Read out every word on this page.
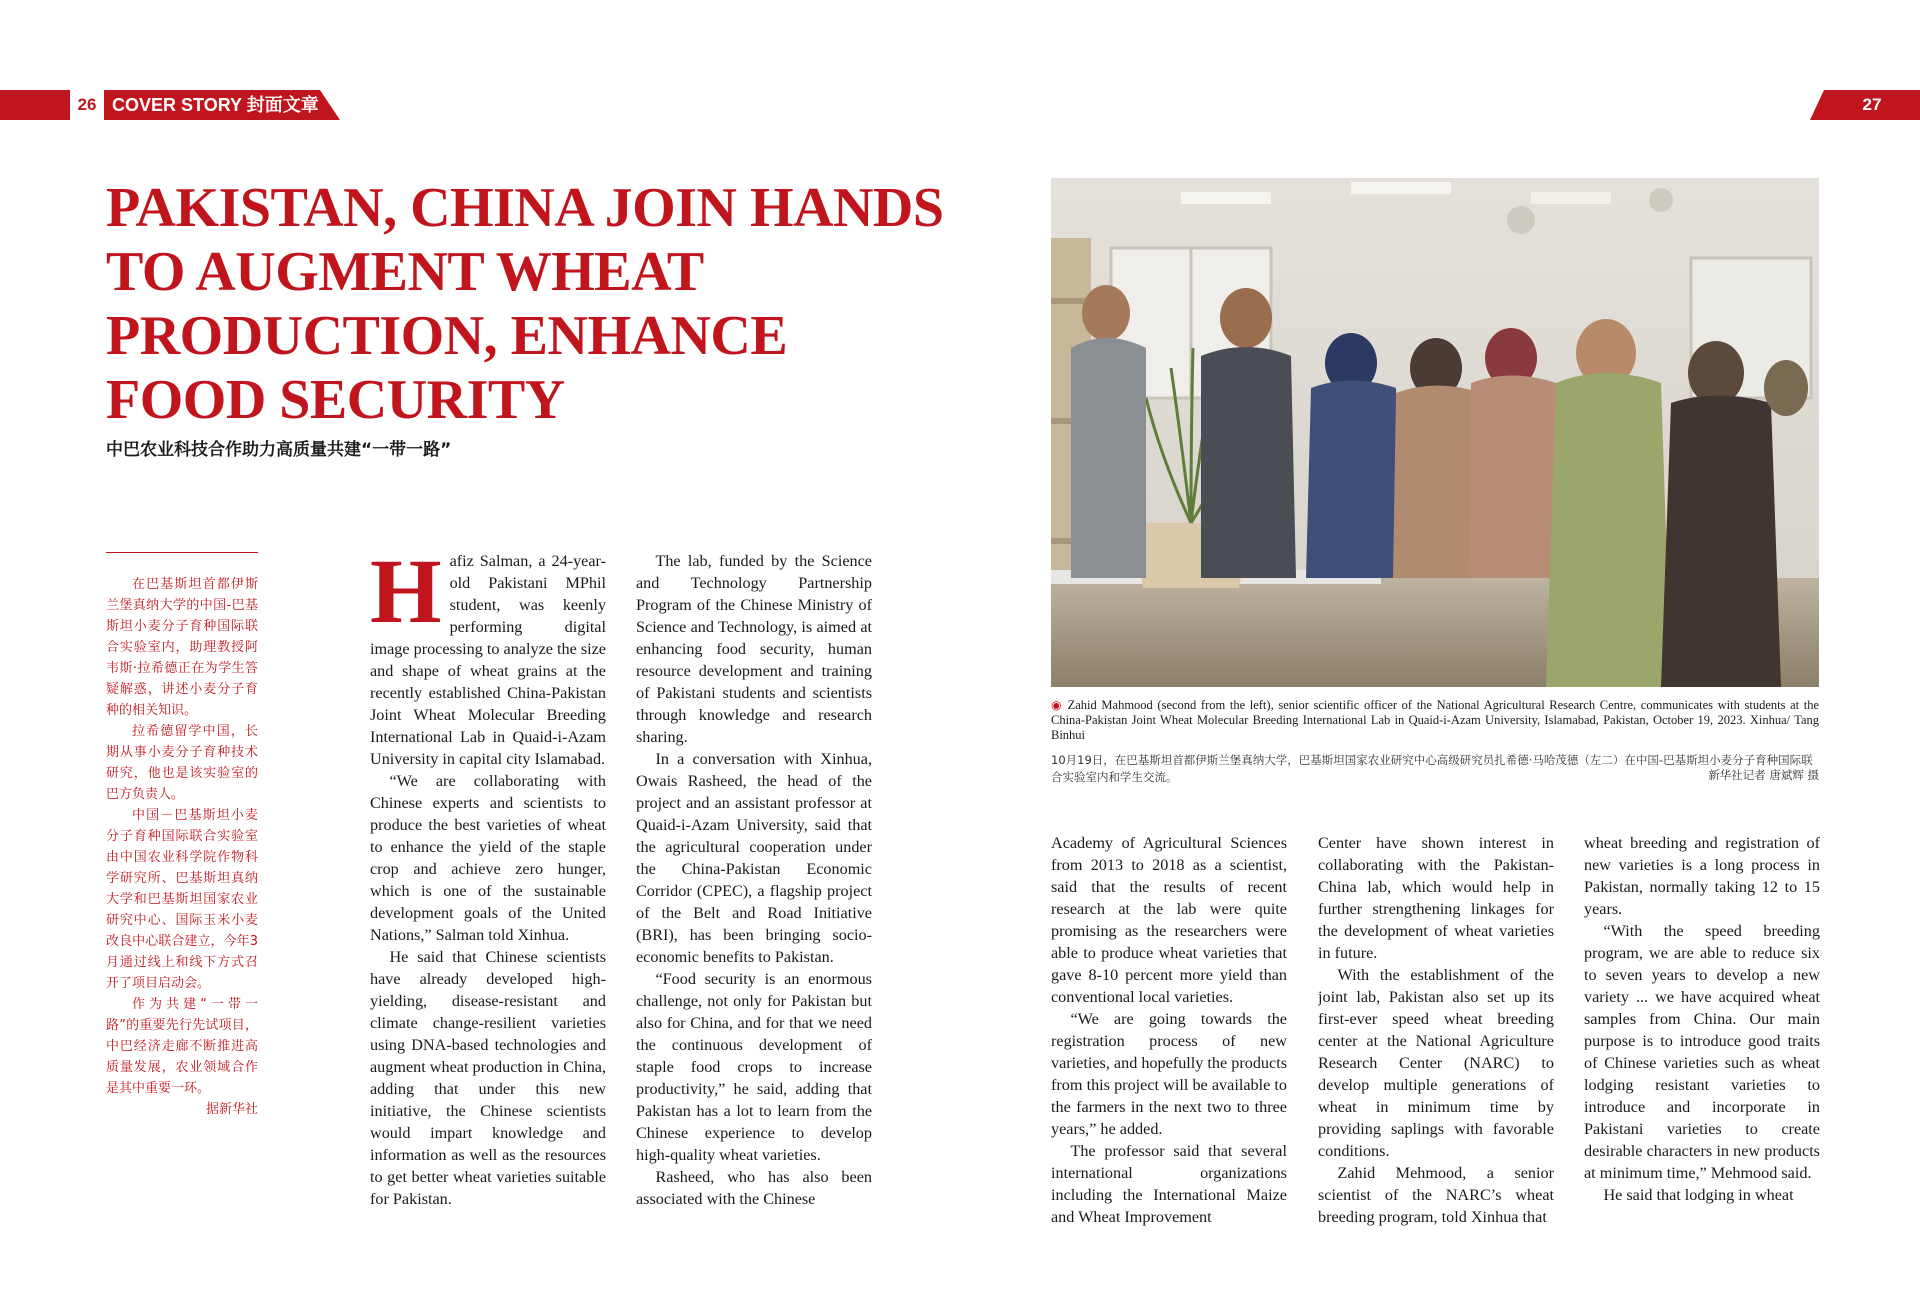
26 COVER STORY 封面文章	27
PAKISTAN, CHINA JOIN HANDS TO AUGMENT WHEAT PRODUCTION, ENHANCE FOOD SECURITY
中巴农业科技合作助力高质量共建“一带一路”

在巴基斯坦首都伊斯兰堡真纳大学的中国-巴基斯坦小麦分子育种国际联合实验室内，助理教授阿韦斯·拉希德正在为学生答疑解惑，讲述小麦分子育种的相关知识。

拉希德留学中国，长期从事小麦分子育种技术研究，他也是该实验室的巴方负责人。

中国－巴基斯坦小麦分子育种国际联合实验室由中国农业科学院作物科学研究所、巴基斯坦真纳大学和巴基斯坦国家农业研究中心、国际玉米小麦改良中心联合建立，今年3月通过线上和线下方式召开了项目启动会。

作为共建“一带一路”的重要先行先试项目，中巴经济走廊不断推进高质量发展，农业领域合作是其中重要一环。

据新华社

Hafiz Salman, a 24-year-old Pakistani MPhil student, was keenly performing digital image processing to analyze the size and shape of wheat grains at the recently established China-Pakistan Joint Wheat Molecular Breeding International Lab in Quaid-i-Azam University in capital city Islamabad.

“We are collaborating with Chinese experts and scientists to produce the best varieties of wheat to enhance the yield of the staple crop and achieve zero hunger, which is one of the sustainable development goals of the United Nations,” Salman told Xinhua.

He said that Chinese scientists have already developed high-yielding, disease-resistant and climate change-resilient varieties using DNA-based technologies and augment wheat production in China, adding that under this new initiative, the Chinese scientists would impart knowledge and information as well as the resources to get better wheat varieties suitable for Pakistan.

The lab, funded by the Science and Technology Partnership Program of the Chinese Ministry of Science and Technology, is aimed at enhancing food security, human resource development and training of Pakistani students and scientists through knowledge and research sharing.

In a conversation with Xinhua, Owais Rasheed, the head of the project and an assistant professor at Quaid-i-Azam University, said that the agricultural cooperation under the China-Pakistan Economic Corridor (CPEC), a flagship project of the Belt and Road Initiative (BRI), has been bringing socio-economic benefits to Pakistan.

“Food security is an enormous challenge, not only for Pakistan but also for China, and for that we need the continuous development of staple food crops to increase productivity,” he said, adding that Pakistan has a lot to learn from the Chinese experience to develop high-quality wheat varieties.

Rasheed, who has also been associated with the Chinese

◉ Zahid Mahmood (second from the left), senior scientific officer of the National Agricultural Research Centre, communicates with students at the China-Pakistan Joint Wheat Molecular Breeding International Lab in Quaid-i-Azam University, Islamabad, Pakistan, October 19, 2023. Xinhua/ Tang Binhui
10月19日，在巴基斯坦首都伊斯兰堡真纳大学，巴基斯坦国家农业研究中心高级研究员扎希德·马哈茂德（左二）在中国-巴基斯坦小麦分子育种国际联合实验室内和学生交流。	新华社记者 唐斌辉 摄

Academy of Agricultural Sciences from 2013 to 2018 as a scientist, said that the results of recent research at the lab were quite promising as the researchers were able to produce wheat varieties that gave 8-10 percent more yield than conventional local varieties.

“We are going towards the registration process of new varieties, and hopefully the products from this project will be available to the farmers in the next two to three years,” he added.

The professor said that several international organizations including the International Maize and Wheat Improvement

Center have shown interest in collaborating with the Pakistan-China lab, which would help in further strengthening linkages for the development of wheat varieties in future.

With the establishment of the joint lab, Pakistan also set up its first-ever speed wheat breeding center at the National Agriculture Research Center (NARC) to develop multiple generations of wheat in minimum time by providing saplings with favorable conditions.

Zahid Mehmood, a senior scientist of the NARC’s wheat breeding program, told Xinhua that

wheat breeding and registration of new varieties is a long process in Pakistan, normally taking 12 to 15 years.

“With the speed breeding program, we are able to reduce six to seven years to develop a new variety ... we have acquired wheat samples from China. Our main purpose is to introduce good traits of Chinese varieties such as wheat lodging resistant varieties to introduce and incorporate in Pakistani varieties to create desirable characters in new products at minimum time,” Mehmood said.

He said that lodging in wheat
